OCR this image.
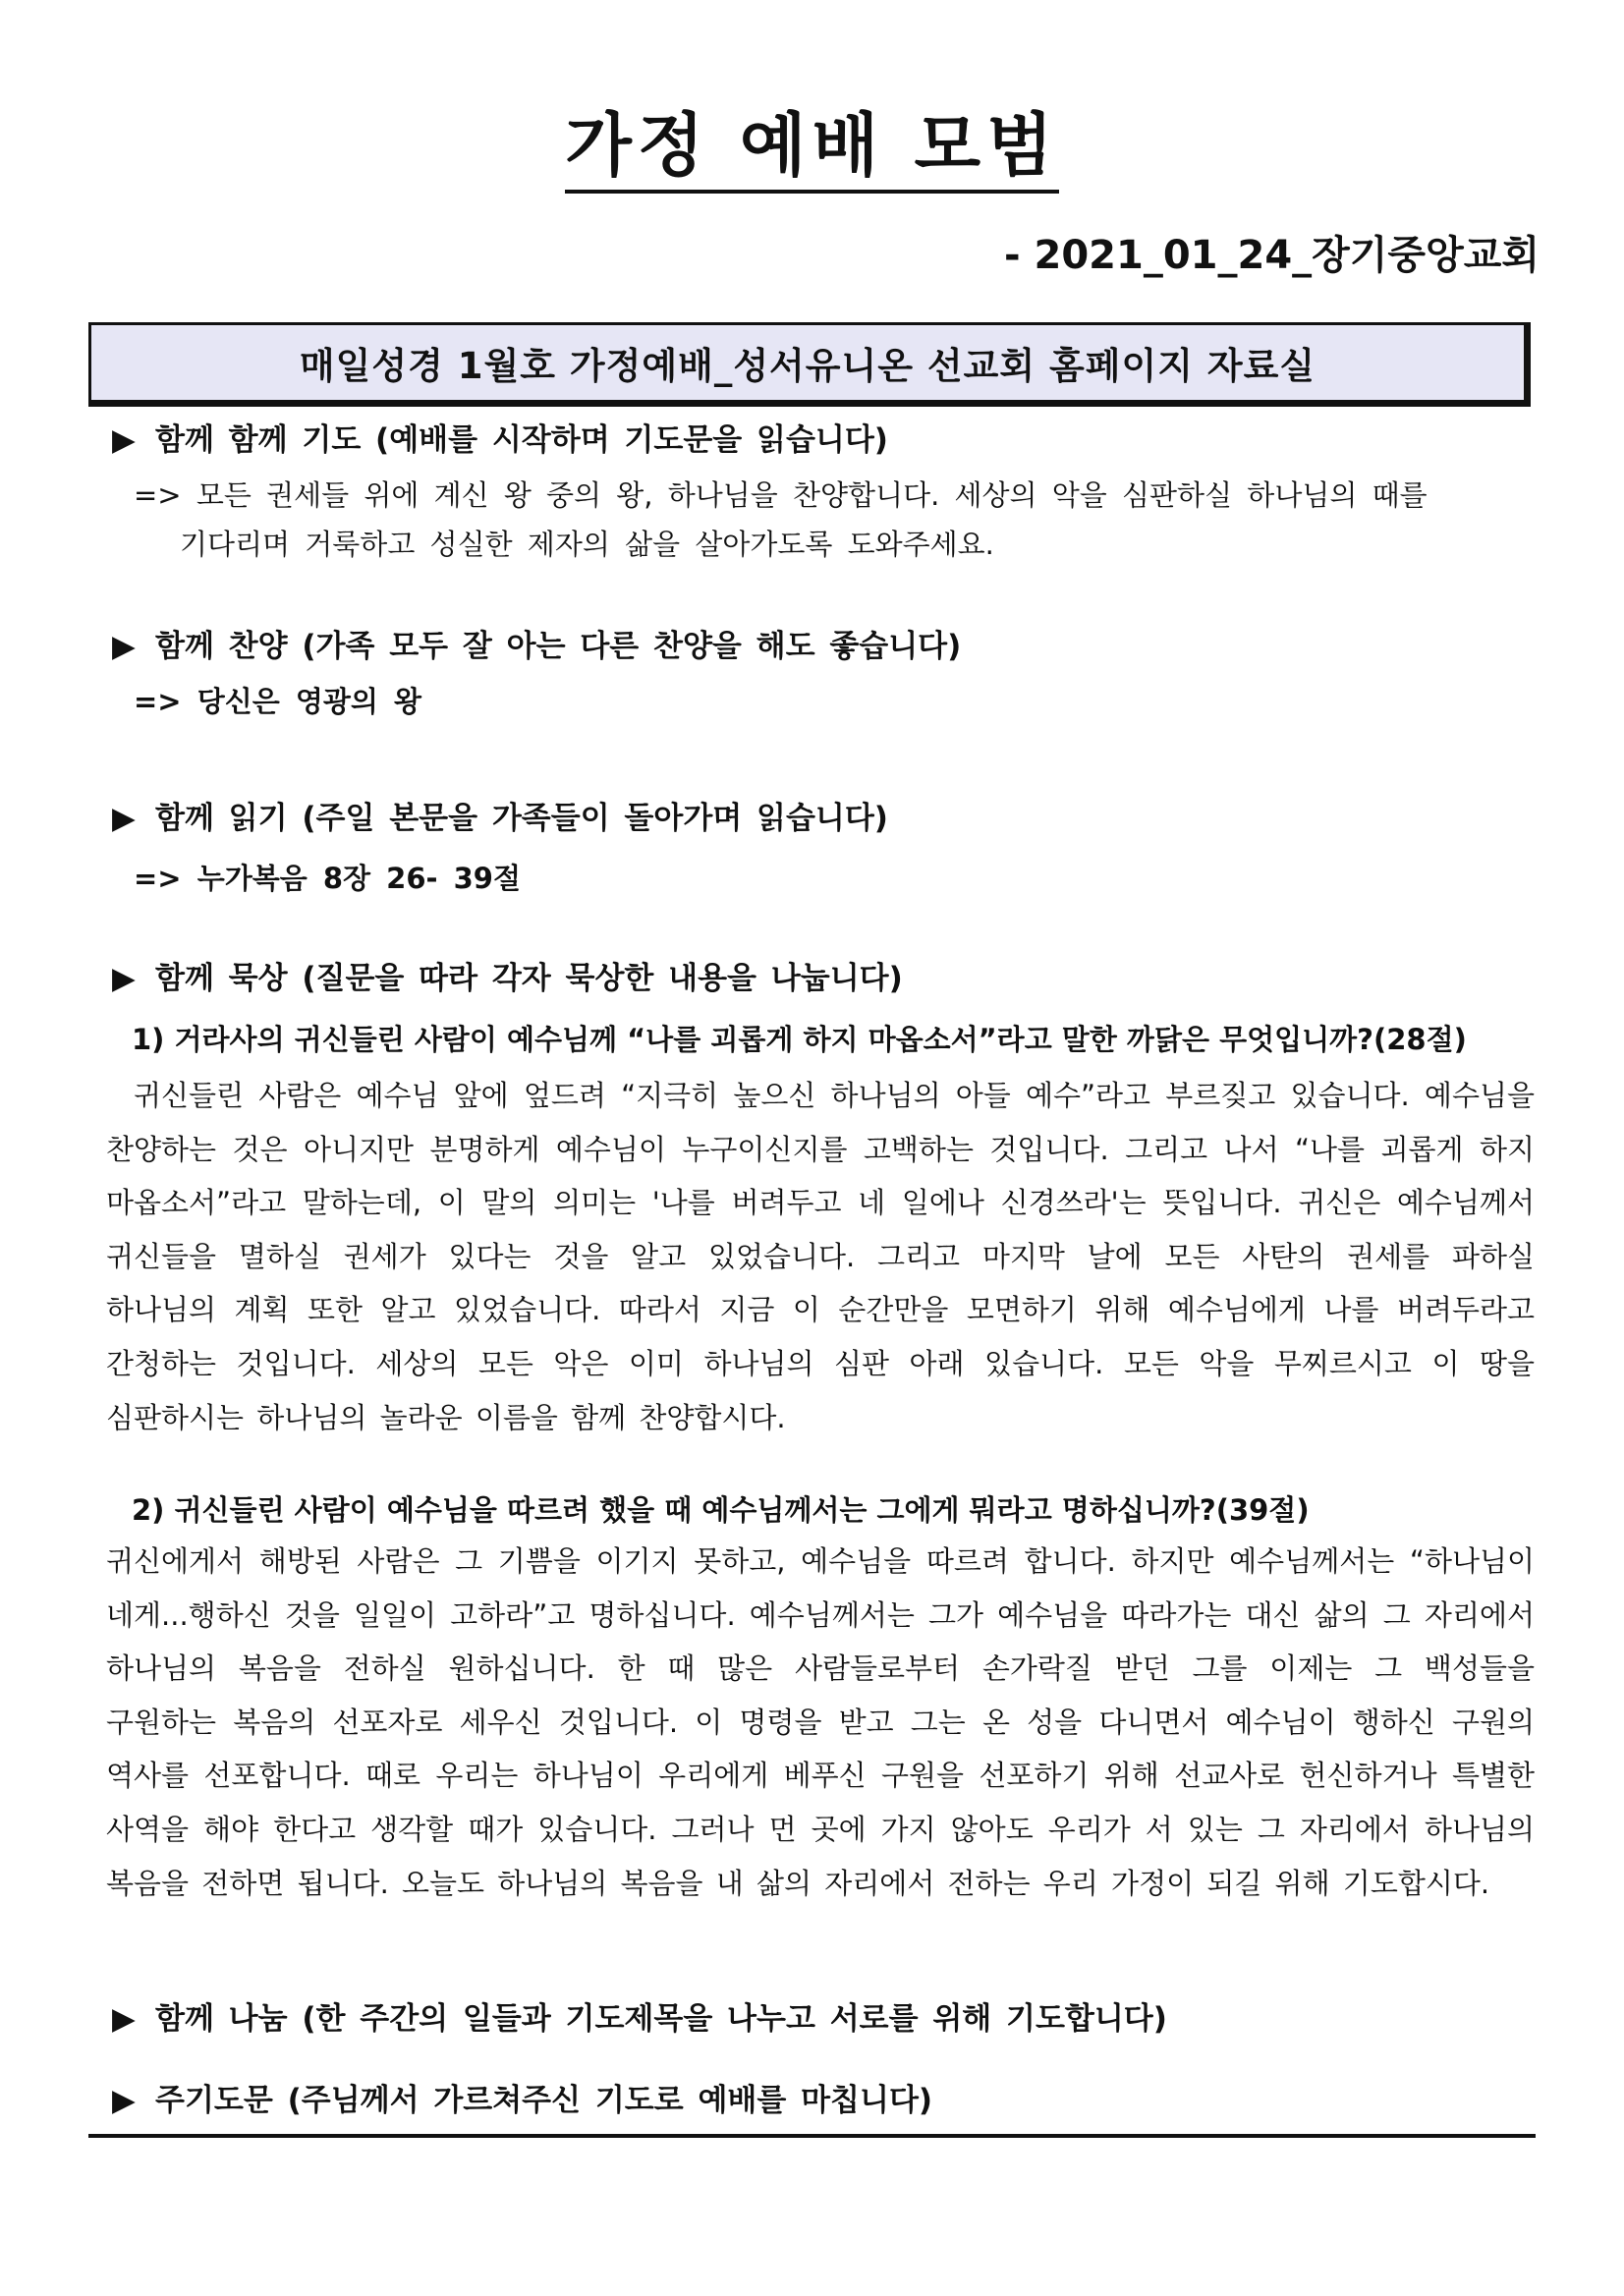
가정 예배 모범
- 2021_01_24_장기중앙교회
매일성경 1월호 가정예배_성서유니온 선교회 홈페이지 자료실
▶ 함께 함께 기도 (예배를 시작하며 기도문을 읽습니다)
=> 모든 권세들 위에 계신 왕 중의 왕, 하나님을 찬양합니다. 세상의 악을 심판하실 하나님의 때를
기다리며 거룩하고 성실한 제자의 삶을 살아가도록 도와주세요.
▶ 함께 찬양 (가족 모두 잘 아는 다른 찬양을 해도 좋습니다)
=> 당신은 영광의 왕
▶ 함께 읽기 (주일 본문을 가족들이 돌아가며 읽습니다)
=> 누가복음 8장 26- 39절
▶ 함께 묵상 (질문을 따라 각자 묵상한 내용을 나눕니다)
1) 거라사의 귀신들린 사람이 예수님께 “나를 괴롭게 하지 마옵소서”라고 말한 까닭은 무엇입니까?(28절)
귀신들린 사람은 예수님 앞에 엎드려 “지극히 높으신 하나님의 아들 예수”라고 부르짖고 있습니다. 예수님을 찬양하는 것은 아니지만 분명하게 예수님이 누구이신지를 고백하는 것입니다. 그리고 나서 “나를 괴롭게 하지 마옵소서”라고 말하는데, 이 말의 의미는 '나를 버려두고 네 일에나 신경쓰라'는 뜻입니다. 귀신은 예수님께서 귀신들을 멸하실 권세가 있다는 것을 알고 있었습니다. 그리고 마지막 날에 모든 사탄의 권세를 파하실 하나님의 계획 또한 알고 있었습니다. 따라서 지금 이 순간만을 모면하기 위해 예수님에게 나를 버려두라고 간청하는 것입니다. 세상의 모든 악은 이미 하나님의 심판 아래 있습니다. 모든 악을 무찌르시고 이 땅을 심판하시는 하나님의 놀라운 이름을 함께 찬양합시다.
2) 귀신들린 사람이 예수님을 따르려 했을 때 예수님께서는 그에게 뭐라고 명하십니까?(39절)
귀신에게서 해방된 사람은 그 기쁨을 이기지 못하고, 예수님을 따르려 합니다. 하지만 예수님께서는 “하나님이 네게...행하신 것을 일일이 고하라”고 명하십니다. 예수님께서는 그가 예수님을 따라가는 대신 삶의 그 자리에서 하나님의 복음을 전하실 원하십니다. 한 때 많은 사람들로부터 손가락질 받던 그를 이제는 그 백성들을 구원하는 복음의 선포자로 세우신 것입니다. 이 명령을 받고 그는 온 성을 다니면서 예수님이 행하신 구원의 역사를 선포합니다. 때로 우리는 하나님이 우리에게 베푸신 구원을 선포하기 위해 선교사로 헌신하거나 특별한 사역을 해야 한다고 생각할 때가 있습니다. 그러나 먼 곳에 가지 않아도 우리가 서 있는 그 자리에서 하나님의 복음을 전하면 됩니다. 오늘도 하나님의 복음을 내 삶의 자리에서 전하는 우리 가정이 되길 위해 기도합시다.
▶ 함께 나눔 (한 주간의 일들과 기도제목을 나누고 서로를 위해 기도합니다)
▶ 주기도문 (주님께서 가르쳐주신 기도로 예배를 마칩니다)
